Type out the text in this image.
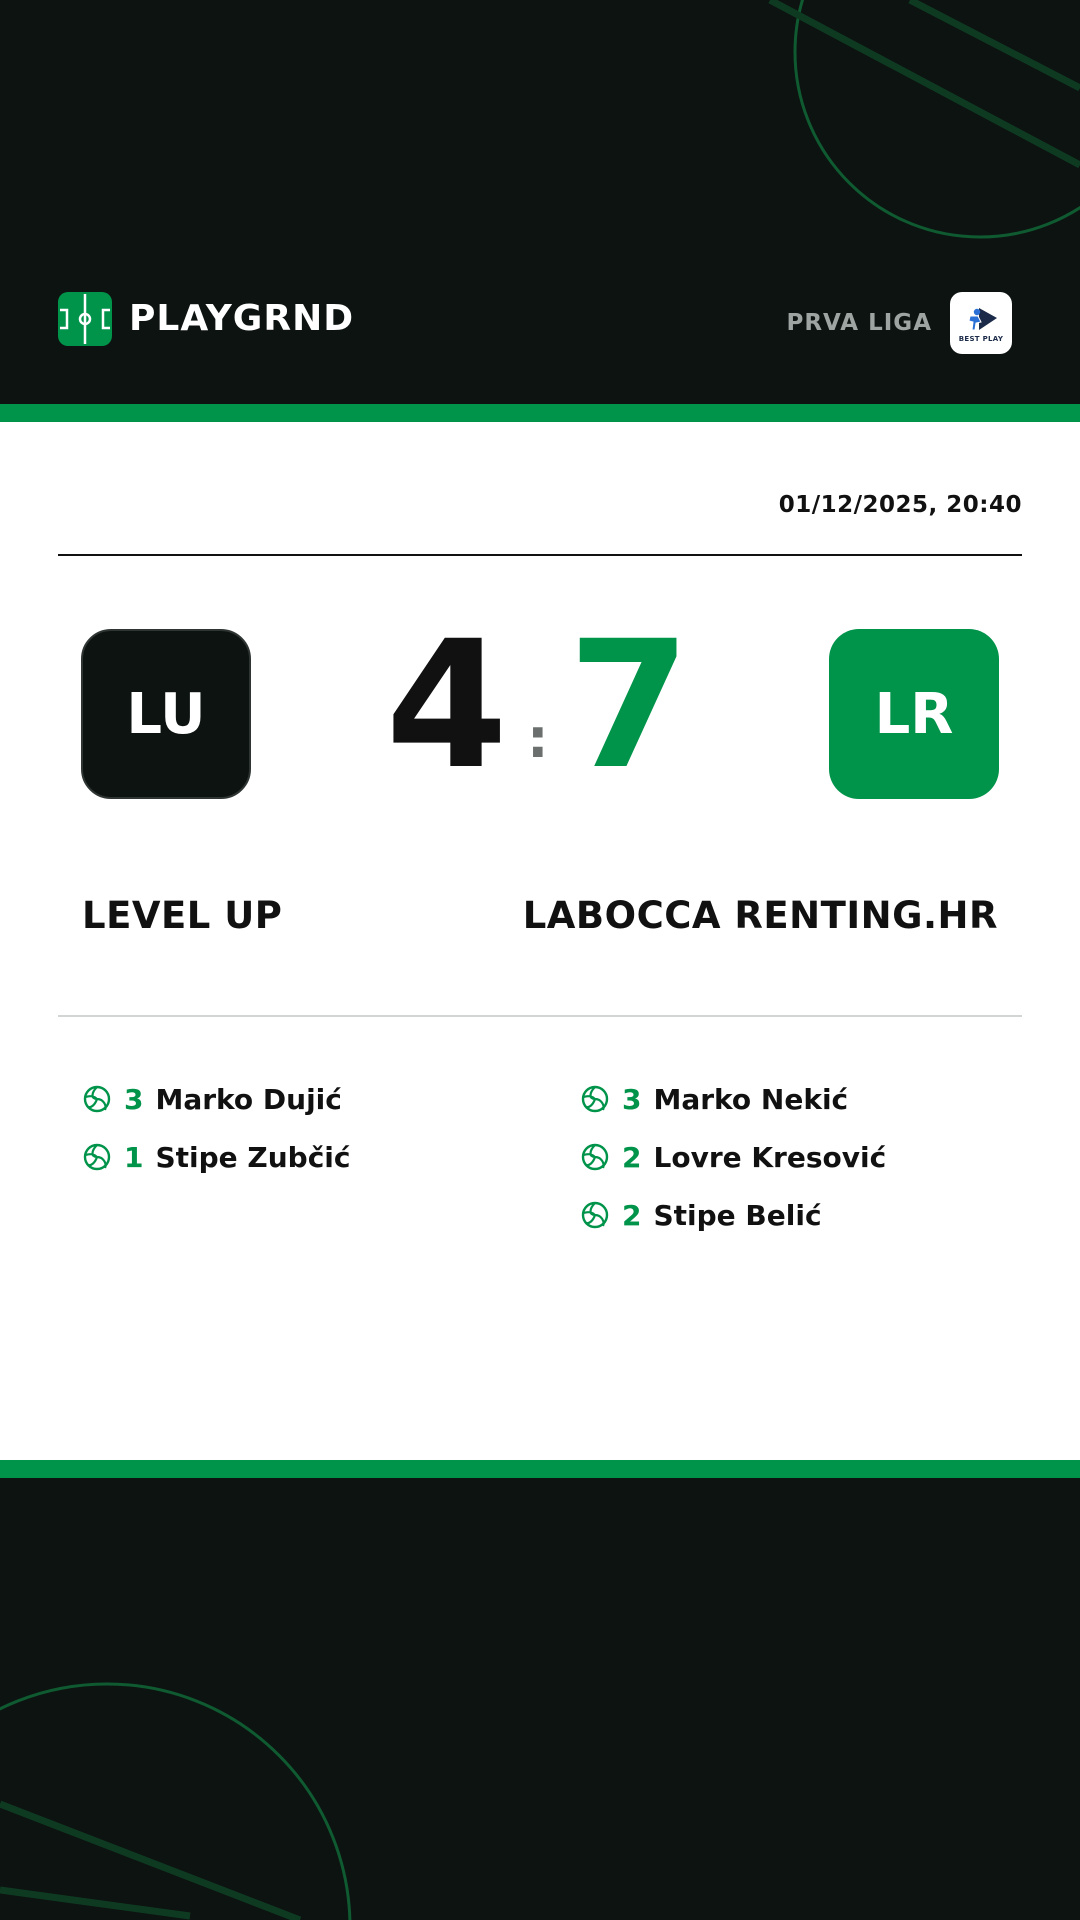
PLAYGRND	PRVA LIGA
BEST PLAY
01/12/2025, 20:40
LU 4 : 7	LR
LEVEL UP	LABOCCA RENTING.HR
3 Marko Dujić
1 Stipe Zubčić
3 Marko Nekić
2 Lovre Kresović
2 Stipe Belić
